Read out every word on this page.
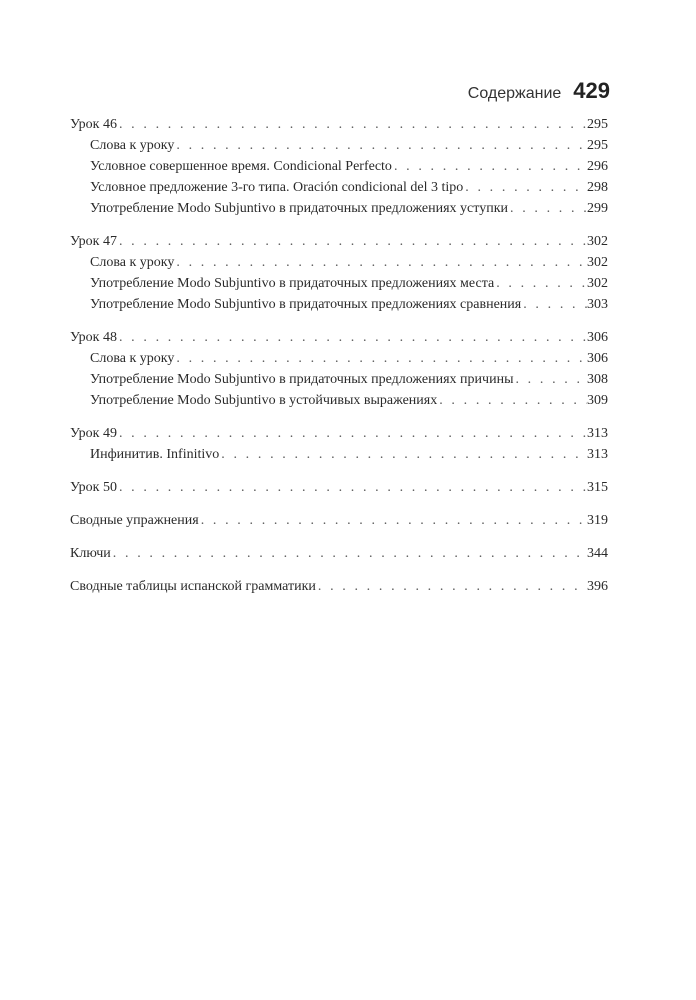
Содержание 429
Урок 46 . . .	295
Слова к уроку . . .	295
Условное совершенное время. Condicional Perfecto . . .	296
Условное предложение 3-го типа. Oración condicional del 3 tipo . . .	298
Употребление Modo Subjuntivo в придаточных предложениях уступки . . .	299
Урок 47 . . .	302
Слова к уроку . . .	302
Употребление Modo Subjuntivo в придаточных предложениях места . . .	302
Употребление Modo Subjuntivo в придаточных предложениях сравнения . . .	303
Урок 48 . . .	306
Слова к уроку . . .	306
Употребление Modo Subjuntivo в придаточных предложениях причины . . .	308
Употребление Modo Subjuntivo в устойчивых выражениях . . .	309
Урок 49 . . .	313
Инфинитив. Infinitivo . . .	313
Урок 50 . . .	315
Сводные упражнения . . .	319
Ключи . . .	344
Сводные таблицы испанской грамматики . . .	396
